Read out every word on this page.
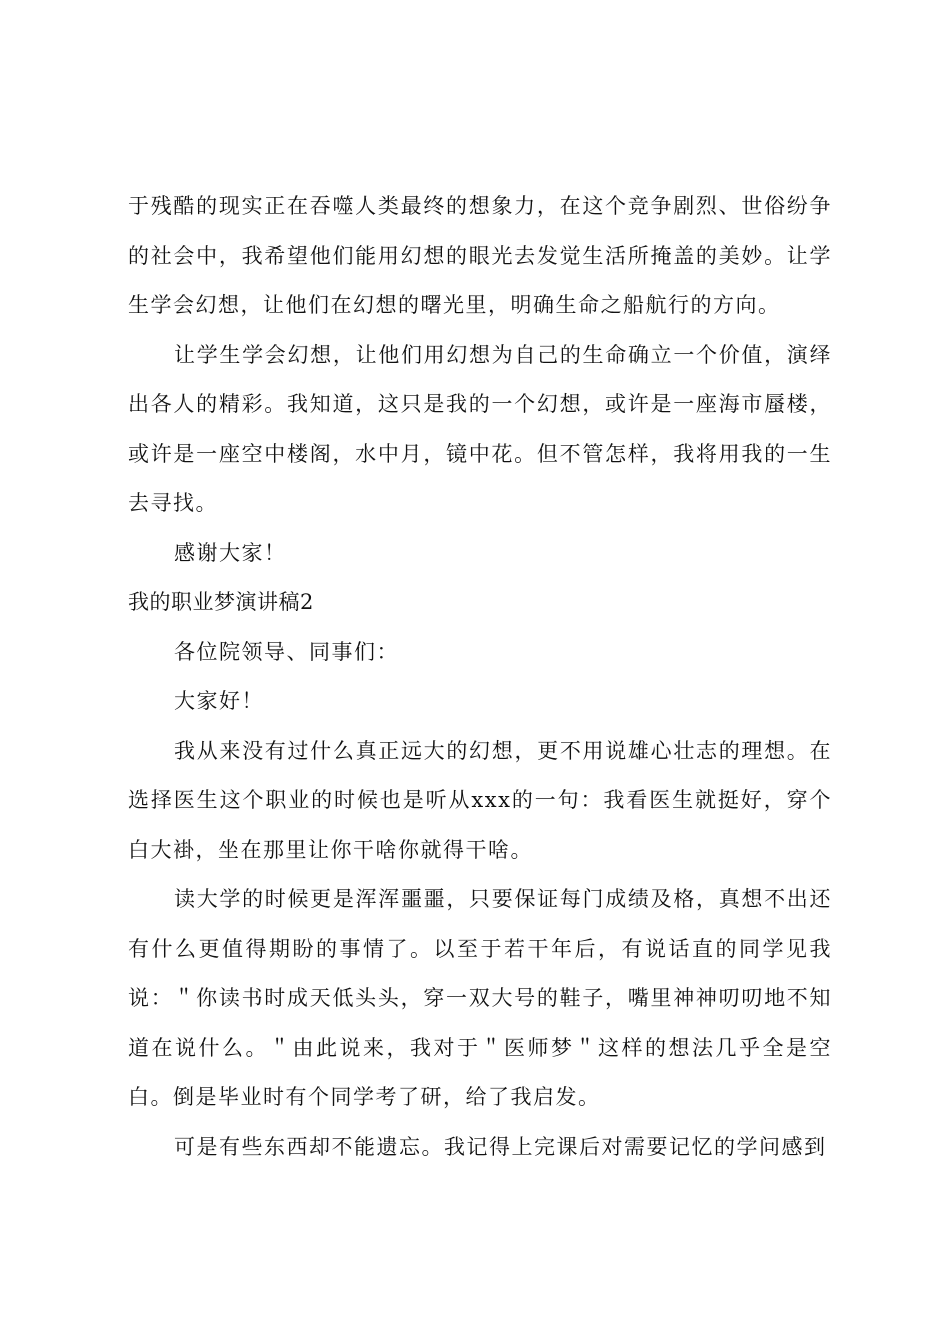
于残酷的现实正在吞噬人类最终的想象力，在这个竞争剧烈、世俗纷争的社会中，我希望他们能用幻想的眼光去发觉生活所掩盖的美妙。让学生学会幻想，让他们在幻想的曙光里，明确生命之船航行的方向。

让学生学会幻想，让他们用幻想为自己的生命确立一个价值，演绎出各人的精彩。我知道，这只是我的一个幻想，或许是一座海市蜃楼，或许是一座空中楼阁，水中月，镜中花。但不管怎样，我将用我的一生去寻找。

感谢大家！

我的职业梦演讲稿2

各位院领导、同事们：

大家好！

我从来没有过什么真正远大的幻想，更不用说雄心壮志的理想。在选择医生这个职业的时候也是听从xxx的一句：我看医生就挺好，穿个白大褂，坐在那里让你干啥你就得干啥。

读大学的时候更是浑浑噩噩，只要保证每门成绩及格，真想不出还有什么更值得期盼的事情了。以至于若干年后，有说话直的同学见我说：＂你读书时成天低头头，穿一双大号的鞋子，嘴里神神叨叨地不知道在说什么。＂由此说来，我对于＂医师梦＂这样的想法几乎全是空白。倒是毕业时有个同学考了研，给了我启发。

可是有些东西却不能遗忘。我记得上完课后对需要记忆的学问感到
